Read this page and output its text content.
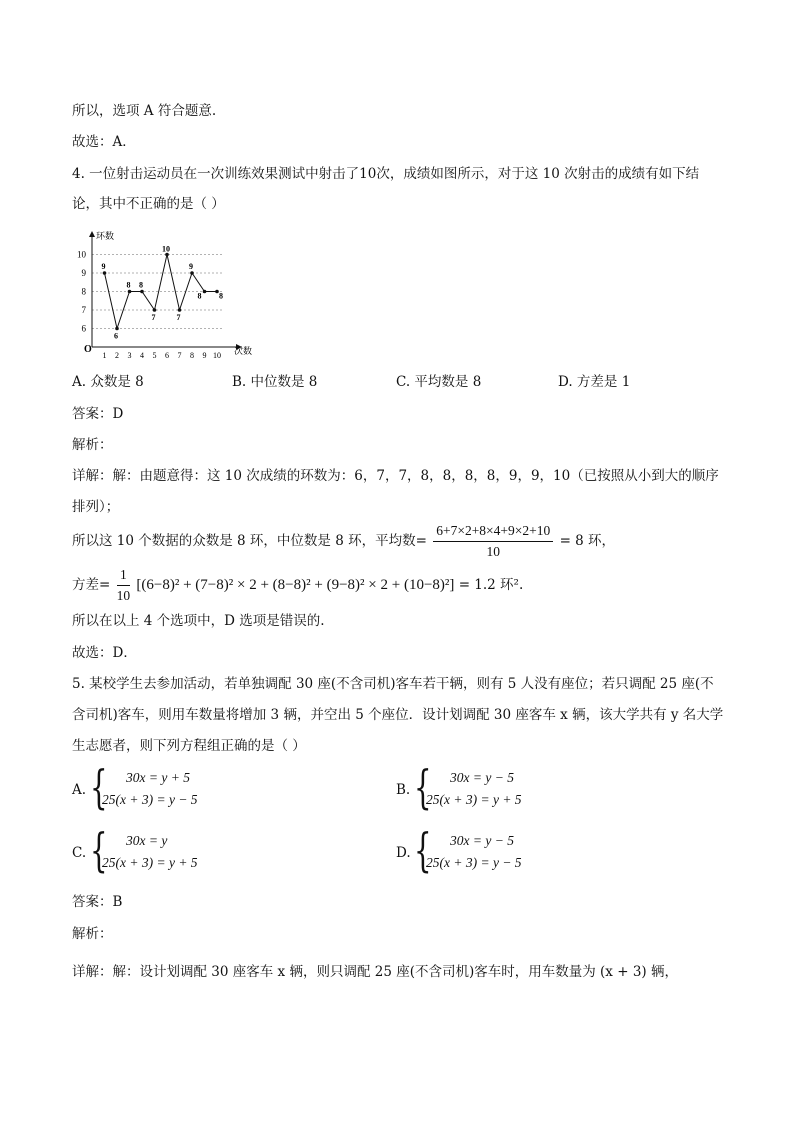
所以，选项 A 符合题意.
故选：A．
4. 一位射击运动员在一次训练效果测试中射击了10次，成绩如图所示，对于这 10 次射击的成绩有如下结
论，其中不正确的是（ ）
环数
次数
O
6
7
8
9
10
1 2 3 4 5 6 7 8 9 10
9
6
8 8
7
10
7
9
8 8
A. 众数是 8	B. 中位数是 8	C. 平均数是 8	D. 方差是 1
答案：D
解析：
详解：解：由题意得：这 10 次成绩的环数为：6，7，7，8，8，8，8，9，9，10（已按照从小到大的顺序
排列）；
所以这 10 个数据的众数是 8 环，中位数是 8 环，平均数= $\frac{6+7\times 2+8\times 4+9\times 2+10}{10} = 8$ 环，
方差= $\frac{1}{10} [(6-8)^2 + (7-8)^2 \times 2 + (8-8)^2 + (9-8)^2 \times 2 + (10-8)^2] = 1.2$ 环².
所以在以上 4 个选项中，D 选项是错误的.
故选：D．
5. 某校学生去参加活动，若单独调配 30 座(不含司机)客车若干辆，则有 5 人没有座位；若只调配 25 座(不
含司机)客车，则用车数量将增加 3 辆，并空出 5 个座位．设计划调配 30 座客车 x 辆，该大学共有 y 名大学
生志愿者，则下列方程组正确的是（ ）
A. { 30x = y + 5
25(x + 3) = y − 5
B. { 30x = y − 5
25(x + 3) = y + 5
C. { 30x = y
25(x + 3) = y + 5
D. { 30x = y − 5
25(x + 3) = y − 5
答案：B
解析：
详解：解：设计划调配 30 座客车 x 辆，则只调配 25 座(不含司机)客车时，用车数量为 (x + 3) 辆，
